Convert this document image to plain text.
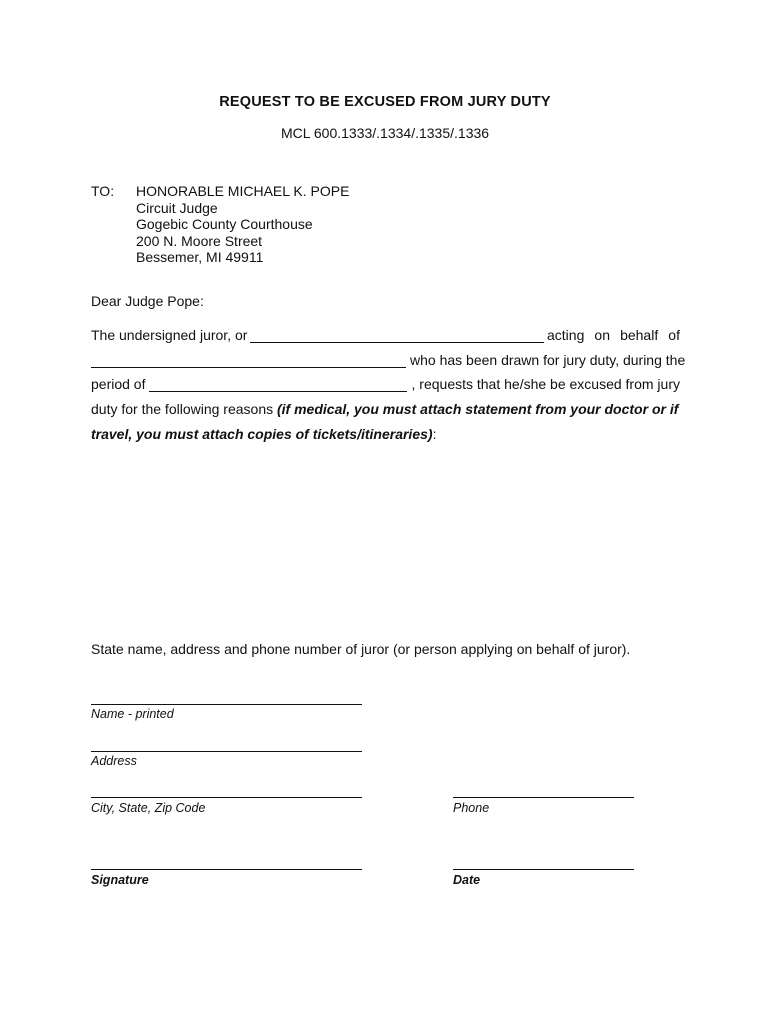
REQUEST TO BE EXCUSED FROM JURY DUTY
MCL 600.1333/.1334/.1335/.1336
TO: HONORABLE MICHAEL K. POPE
Circuit Judge
Gogebic County Courthouse
200 N. Moore Street
Bessemer, MI 49911
Dear Judge Pope:
The undersigned juror, or	acting on behalf of
who has been drawn for jury duty, during the
period of	, requests that he/she be excused from jury
duty for the following reasons (if medical, you must attach statement from your doctor or if
travel, you must attach copies of tickets/itineraries):
State name, address and phone number of juror (or person applying on behalf of juror).
Name - printed
Address
City, State, Zip Code	Phone
Signature	Date
